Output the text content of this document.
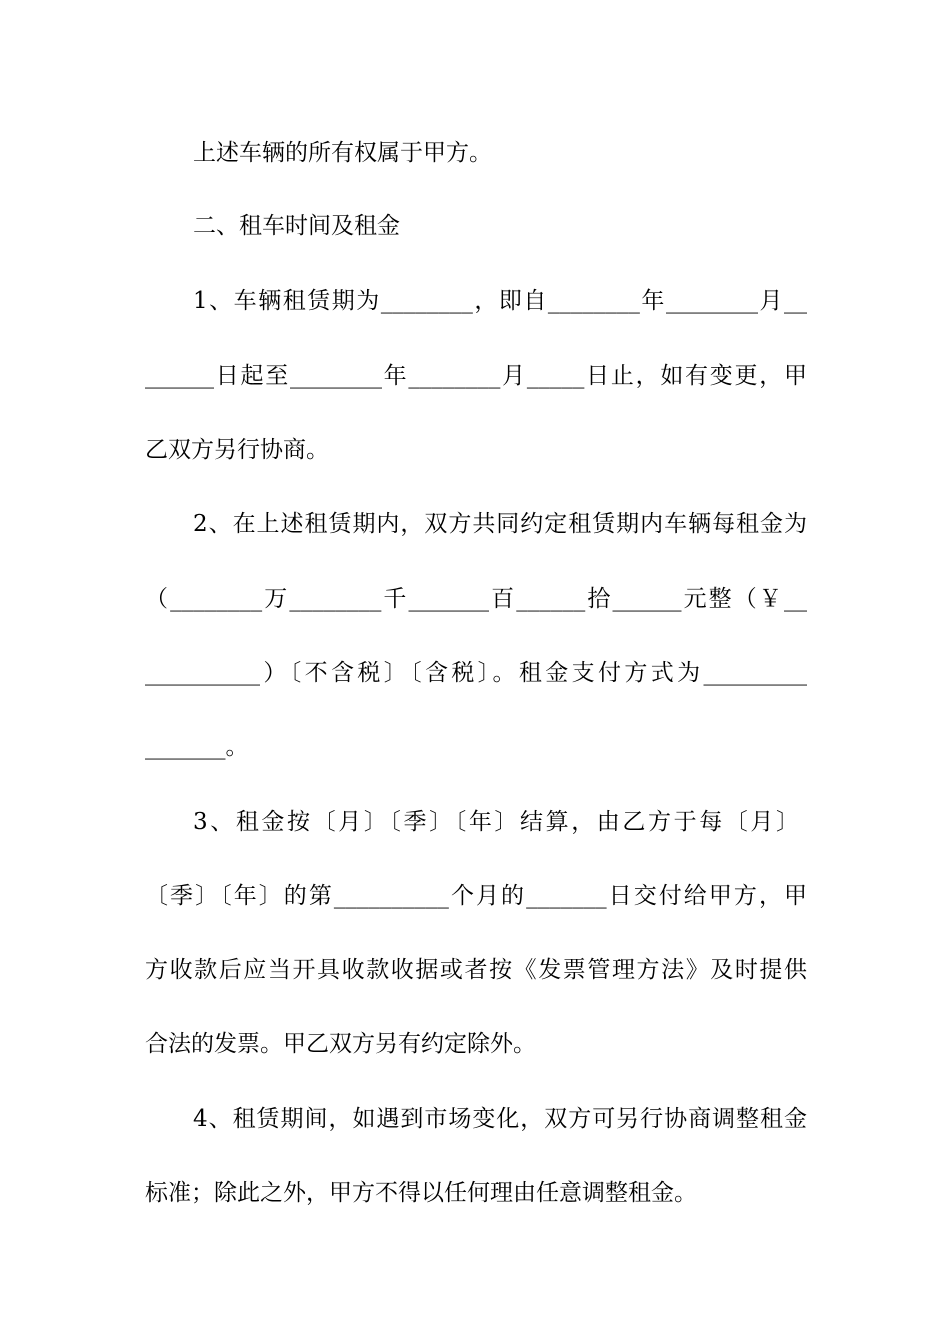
上述车辆的所有权属于甲方。
二、租车时间及租金
1、车辆租赁期为________，即自________年________月__
______日起至________年________月_____日止，如有变更，甲
乙双方另行协商。
2、在上述租赁期内，双方共同约定租赁期内车辆每租金为
（________万________千_______百______拾______元整（￥__
__________）〔不含税〕〔含税〕。租金支付方式为_________
_______。
3、租金按〔月〕〔季〕〔年〕结算，由乙方于每〔月〕
〔季〕〔年〕的第__________个月的_______日交付给甲方，甲
方收款后应当开具收款收据或者按《发票管理方法》及时提供
合法的发票。甲乙双方另有约定除外。
4、租赁期间，如遇到市场变化，双方可另行协商调整租金
标准；除此之外，甲方不得以任何理由任意调整租金。
